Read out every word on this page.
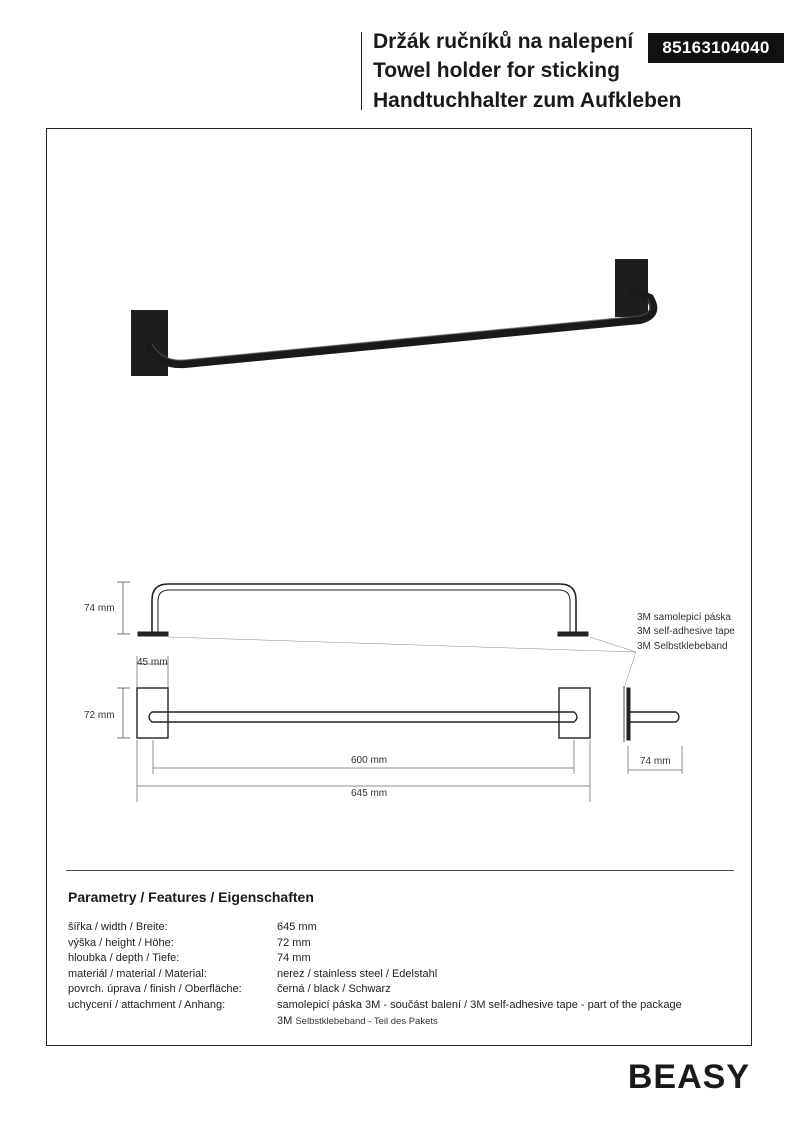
Držák ručníků na nalepení
Towel holder for sticking
Handtuchhalter zum Aufkleben
85163104040
74 mm
45 mm
72 mm
600 mm
645 mm
74 mm
3M samolepicí páska
3M self-adhesive tape
3M Selbstklebeband
Parametry / Features / Eigenschaften
šířka / width / Breite:	645 mm
výška / height / Höhe:	72 mm
hloubka / depth / Tiefe:	74 mm
materiál / material / Material:	nerez / stainless steel / Edelstahl
povrch. úprava / finish / Oberfläche:	černá / black / Schwarz
uchycení / attachment / Anhang:	samolepicí páska 3M - součást balení / 3M self-adhesive tape - part of the package
3M Selbstklebeband - Teil des Pakets
BEASY
